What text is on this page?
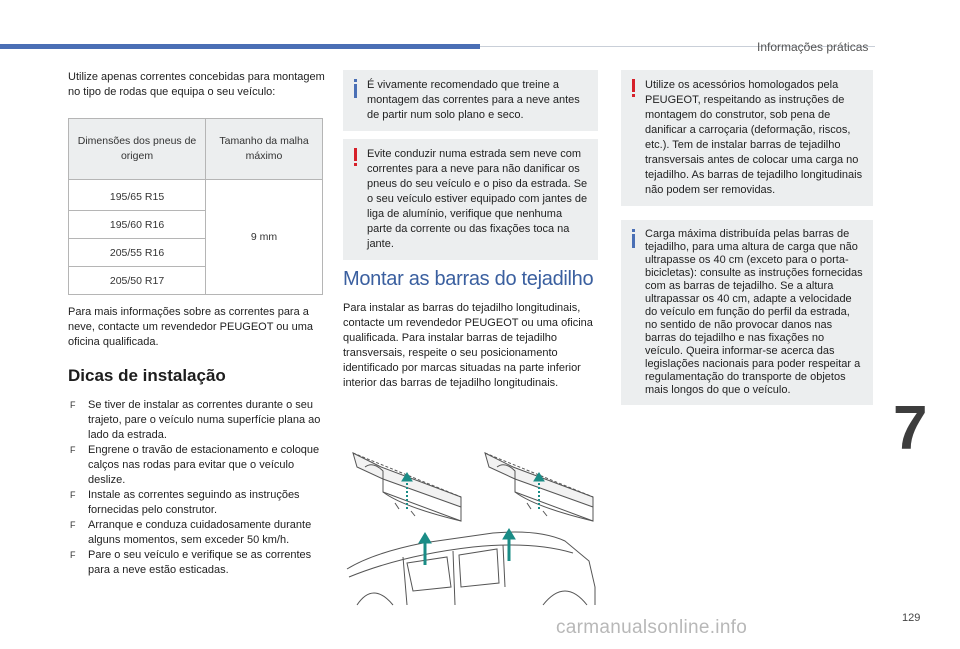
Informações práticas
7
129
carmanualsonline.info

Utilize apenas correntes concebidas para montagem no tipo de rodas que equipa o seu veículo:

Dimensões dos pneus de origem	Tamanho da malha máximo
195/65 R15	9 mm
195/60 R16	
205/55 R16	
205/50 R17	

Para mais informações sobre as correntes para a neve, contacte um revendedor PEUGEOT ou uma oficina qualificada.

Dicas de instalação
F Se tiver de instalar as correntes durante o seu trajeto, pare o veículo numa superfície plana ao lado da estrada.
F Engrene o travão de estacionamento e coloque calços nas rodas para evitar que o veículo deslize.
F Instale as correntes seguindo as instruções fornecidas pelo construtor.
F Arranque e conduza cuidadosamente durante alguns momentos, sem exceder 50 km/h.
F Pare o seu veículo e verifique se as correntes para a neve estão esticadas.

É vivamente recomendado que treine a montagem das correntes para a neve antes de partir num solo plano e seco.

Evite conduzir numa estrada sem neve com correntes para a neve para não danificar os pneus do seu veículo e o piso da estrada. Se o seu veículo estiver equipado com jantes de liga de alumínio, verifique que nenhuma parte da corrente ou das fixações toca na jante.

Montar as barras do tejadilho

Para instalar as barras do tejadilho longitudinais, contacte um revendedor PEUGEOT ou uma oficina qualificada. Para instalar barras de tejadilho transversais, respeite o seu posicionamento identificado por marcas situadas na parte inferior interior das barras de tejadilho longitudinais.

Utilize os acessórios homologados pela PEUGEOT, respeitando as instruções de montagem do construtor, sob pena de danificar a carroçaria (deformação, riscos, etc.). Tem de instalar barras de tejadilho transversais antes de colocar uma carga no tejadilho. As barras de tejadilho longitudinais não podem ser removidas.

Carga máxima distribuída pelas barras de tejadilho, para uma altura de carga que não ultrapasse os 40 cm (exceto para o porta-bicicletas): consulte as instruções fornecidas com as barras de tejadilho. Se a altura ultrapassar os 40 cm, adapte a velocidade do veículo em função do perfil da estrada, no sentido de não provocar danos nas barras do tejadilho e nas fixações no veículo. Queira informar-se acerca das legislações nacionais para poder respeitar a regulamentação do transporte de objetos mais longos do que o veículo.
